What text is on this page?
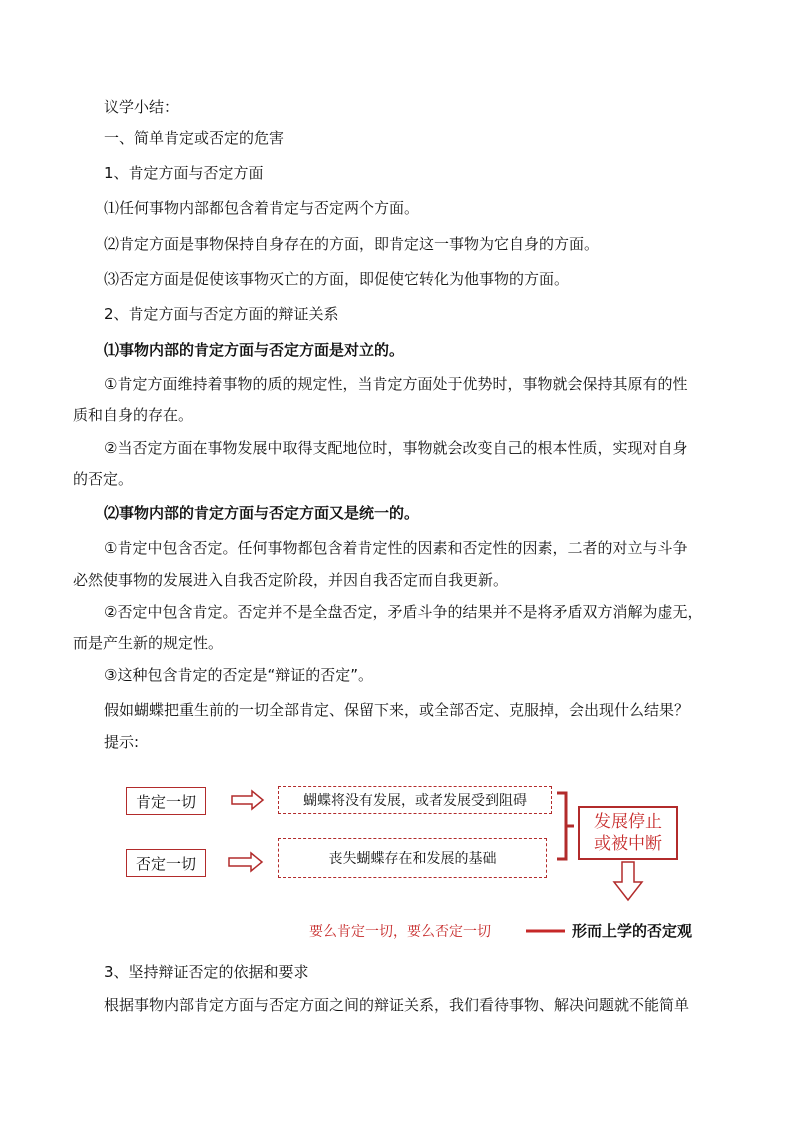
议学小结：
一、简单肯定或否定的危害
1、肯定方面与否定方面
⑴任何事物内部都包含着肯定与否定两个方面。
⑵肯定方面是事物保持自身存在的方面，即肯定这一事物为它自身的方面。
⑶否定方面是促使该事物灭亡的方面，即促使它转化为他事物的方面。
2、肯定方面与否定方面的辩证关系
⑴事物内部的肯定方面与否定方面是对立的。
①肯定方面维持着事物的质的规定性，当肯定方面处于优势时，事物就会保持其原有的性
质和自身的存在。
②当否定方面在事物发展中取得支配地位时，事物就会改变自己的根本性质，实现对自身
的否定。
⑵事物内部的肯定方面与否定方面又是统一的。
①肯定中包含否定。任何事物都包含着肯定性的因素和否定性的因素，二者的对立与斗争
必然使事物的发展进入自我否定阶段，并因自我否定而自我更新。
②否定中包含肯定。否定并不是全盘否定，矛盾斗争的结果并不是将矛盾双方消解为虚无，
而是产生新的规定性。
③这种包含肯定的否定是“辩证的否定”。
假如蝴蝶把重生前的一切全部肯定、保留下来，或全部否定、克服掉，会出现什么结果？
提示:
肯定一切
否定一切
蝴蝶将没有发展，或者发展受到阻碍
丧失蝴蝶存在和发展的基础
发展停止
或被中断
要么肯定一切，要么否定一切	形而上学的否定观
3、坚持辩证否定的依据和要求
根据事物内部肯定方面与否定方面之间的辩证关系，我们看待事物、解决问题就不能简单
